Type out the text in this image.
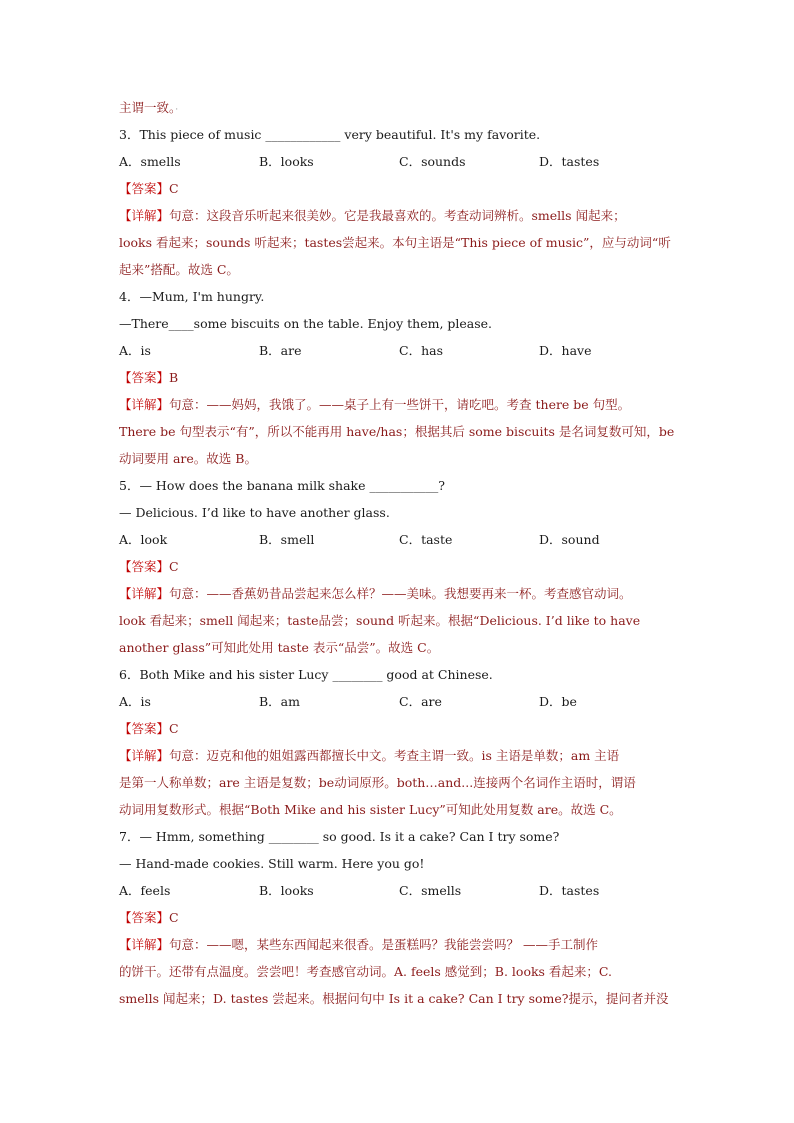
主谓一致。·
3．This piece of music ____________ very beautiful. It's my favorite.
A．smells	B．looks	C．sounds	D．tastes
【答案】C
【详解】句意：这段音乐听起来很美妙。它是我最喜欢的。考查动词辨析。smells 闻起来；
looks 看起来；sounds 听起来；tastes尝起来。本句主语是“This piece of music”，应与动词“听
起来”搭配。故选 C。
4．—Mum, I'm hungry.
—There____some biscuits on the table. Enjoy them, please.
A．is	B．are	C．has	D．have
【答案】B
【详解】句意：——妈妈，我饿了。——桌子上有一些饼干，请吃吧。考查 there be 句型。
There be 句型表示“有”，所以不能再用 have/has；根据其后 some biscuits 是名词复数可知，be
动词要用 are。故选 B。
5．— How does the banana milk shake ___________?
— Delicious. I’d like to have another glass.
A．look	B．smell	C．taste	D．sound
【答案】C
【详解】句意：——香蕉奶昔品尝起来怎么样？——美味。我想要再来一杯。考查感官动词。
look 看起来；smell 闻起来；taste品尝；sound 听起来。根据“Delicious. I’d like to have
another glass”可知此处用 taste 表示“品尝”。故选 C。
6．Both Mike and his sister Lucy ________ good at Chinese.
A．is	B．am	C．are	D．be
【答案】C
【详解】句意：迈克和他的姐姐露西都擅长中文。考查主谓一致。is 主语是单数；am 主语
是第一人称单数；are 主语是复数；be动词原形。both…and...连接两个名词作主语时，谓语
动词用复数形式。根据“Both Mike and his sister Lucy”可知此处用复数 are。故选 C。
7．— Hmm, something ________ so good. Is it a cake? Can I try some?
— Hand-made cookies. Still warm. Here you go!
A．feels	B．looks	C．smells	D．tastes
【答案】C
【详解】句意：——嗯，某些东西闻起来很香。是蛋糕吗？我能尝尝吗？ ——手工制作
的饼干。还带有点温度。尝尝吧！考查感官动词。A. feels 感觉到；B. looks 看起来；C.
smells 闻起来；D. tastes 尝起来。根据问句中 Is it a cake? Can I try some?提示，提问者并没
